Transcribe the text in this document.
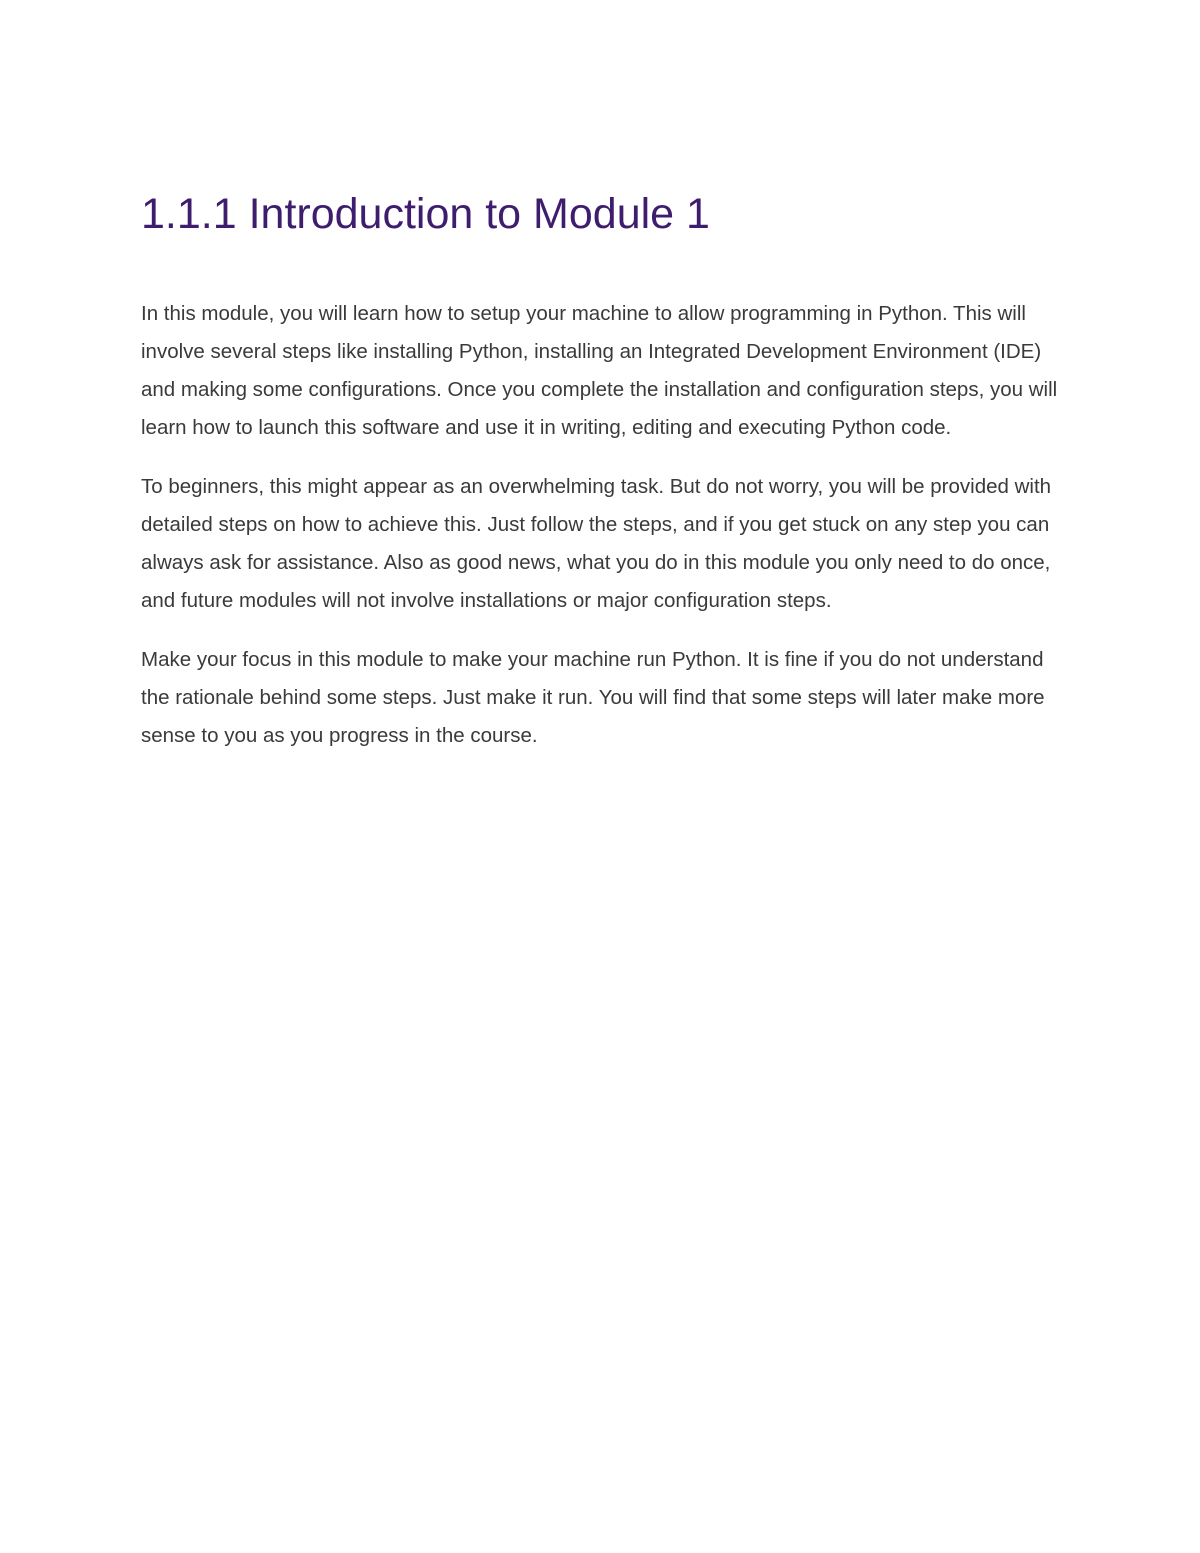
1.1.1 Introduction to Module 1

In this module, you will learn how to setup your machine to allow programming in Python. This will involve several steps like installing Python, installing an Integrated Development Environment (IDE) and making some configurations. Once you complete the installation and configuration steps, you will learn how to launch this software and use it in writing, editing and executing Python code.

To beginners, this might appear as an overwhelming task. But do not worry, you will be provided with detailed steps on how to achieve this. Just follow the steps, and if you get stuck on any step you can always ask for assistance. Also as good news, what you do in this module you only need to do once, and future modules will not involve installations or major configuration steps.

Make your focus in this module to make your machine run Python. It is fine if you do not understand the rationale behind some steps. Just make it run. You will find that some steps will later make more sense to you as you progress in the course.
